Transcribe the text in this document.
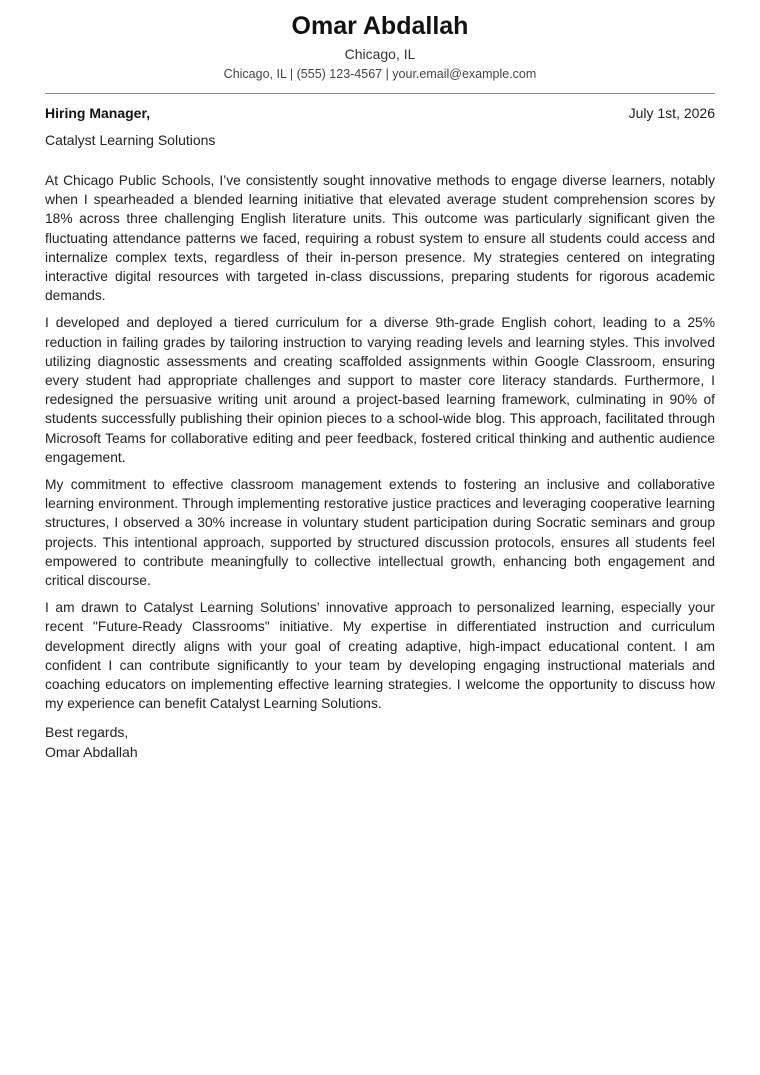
Omar Abdallah
Chicago, IL
Chicago, IL | (555) 123-4567 | your.email@example.com
Hiring Manager,	July 1st, 2026
Catalyst Learning Solutions

At Chicago Public Schools, I’ve consistently sought innovative methods to engage diverse learners, notably when I spearheaded a blended learning initiative that elevated average student comprehension scores by 18% across three challenging English literature units. This outcome was particularly significant given the fluctuating attendance patterns we faced, requiring a robust system to ensure all students could access and internalize complex texts, regardless of their in-person presence. My strategies centered on integrating interactive digital resources with targeted in-class discussions, preparing students for rigorous academic demands.

I developed and deployed a tiered curriculum for a diverse 9th-grade English cohort, leading to a 25% reduction in failing grades by tailoring instruction to varying reading levels and learning styles. This involved utilizing diagnostic assessments and creating scaffolded assignments within Google Classroom, ensuring every student had appropriate challenges and support to master core literacy standards. Furthermore, I redesigned the persuasive writing unit around a project-based learning framework, culminating in 90% of students successfully publishing their opinion pieces to a school-wide blog. This approach, facilitated through Microsoft Teams for collaborative editing and peer feedback, fostered critical thinking and authentic audience engagement.

My commitment to effective classroom management extends to fostering an inclusive and collaborative learning environment. Through implementing restorative justice practices and leveraging cooperative learning structures, I observed a 30% increase in voluntary student participation during Socratic seminars and group projects. This intentional approach, supported by structured discussion protocols, ensures all students feel empowered to contribute meaningfully to collective intellectual growth, enhancing both engagement and critical discourse.

I am drawn to Catalyst Learning Solutions’ innovative approach to personalized learning, especially your recent "Future-Ready Classrooms" initiative. My expertise in differentiated instruction and curriculum development directly aligns with your goal of creating adaptive, high-impact educational content. I am confident I can contribute significantly to your team by developing engaging instructional materials and coaching educators on implementing effective learning strategies. I welcome the opportunity to discuss how my experience can benefit Catalyst Learning Solutions.

Best regards,
Omar Abdallah
